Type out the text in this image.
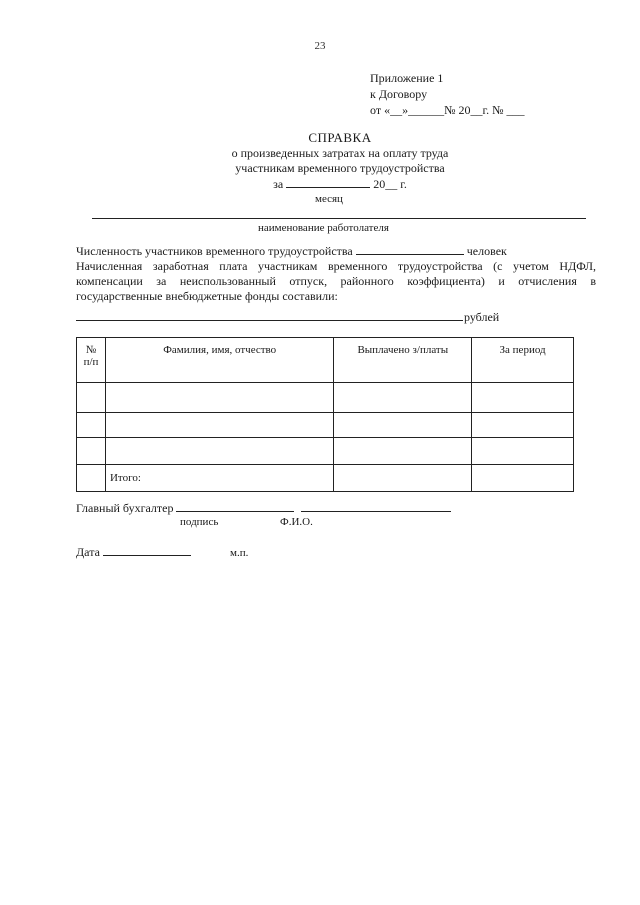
23
Приложение 1
к Договору
от «__»______№ 20__г. № ___
СПРАВКА
о произведенных затратах на оплату труда
участникам временного трудоустройства
за	20__ г.
месяц
наименование работолателя
Численность участников временного трудоустройства	человек
Начисленная заработная плата участникам временного трудоустройства (с учетом НДФЛ, компенсации за неиспользованный отпуск, районного коэффициента) и отчисления в государственные внебюджетные фонды составили:
рублей
№ п/п	Фамилия, имя, отчество	Выплачено з/платы	За период

	Итого:		
Главный бухгалтер
подпись	Ф.И.О.
Дата	м.п.
